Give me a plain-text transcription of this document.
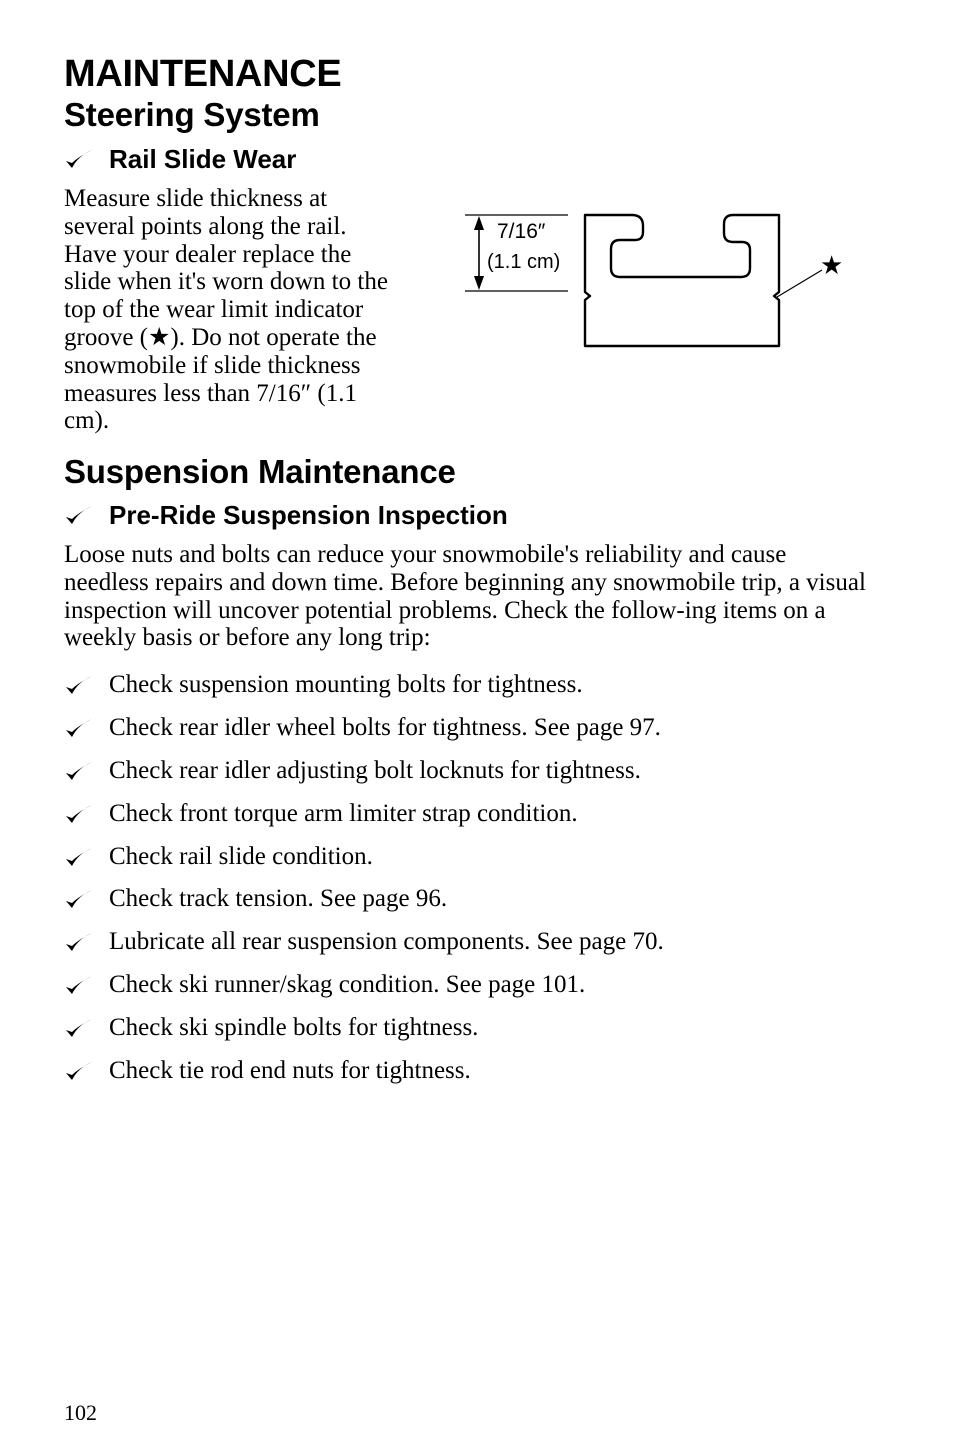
MAINTENANCE
Steering System
Rail Slide Wear

Measure slide thickness at several points along the rail. Have your dealer replace the slide when it's worn down to the top of the wear limit indicator groove (★). Do not operate the snowmobile if slide thickness measures less than 7/16″ (1.1 cm).

7/16″
(1.1 cm)	★
Suspension Maintenance
Pre-Ride Suspension Inspection

Loose nuts and bolts can reduce your snowmobile's reliability and cause needless repairs and down time. Before beginning any snowmobile trip, a visual inspection will uncover potential problems. Check the follow-ing items on a weekly basis or before any long trip:

Check suspension mounting bolts for tightness.
Check rear idler wheel bolts for tightness. See page 97.
Check rear idler adjusting bolt locknuts for tightness.
Check front torque arm limiter strap condition.
Check rail slide condition.
Check track tension. See page 96.
Lubricate all rear suspension components. See page 70.
Check ski runner/skag condition. See page 101.
Check ski spindle bolts for tightness.
Check tie rod end nuts for tightness.
102
